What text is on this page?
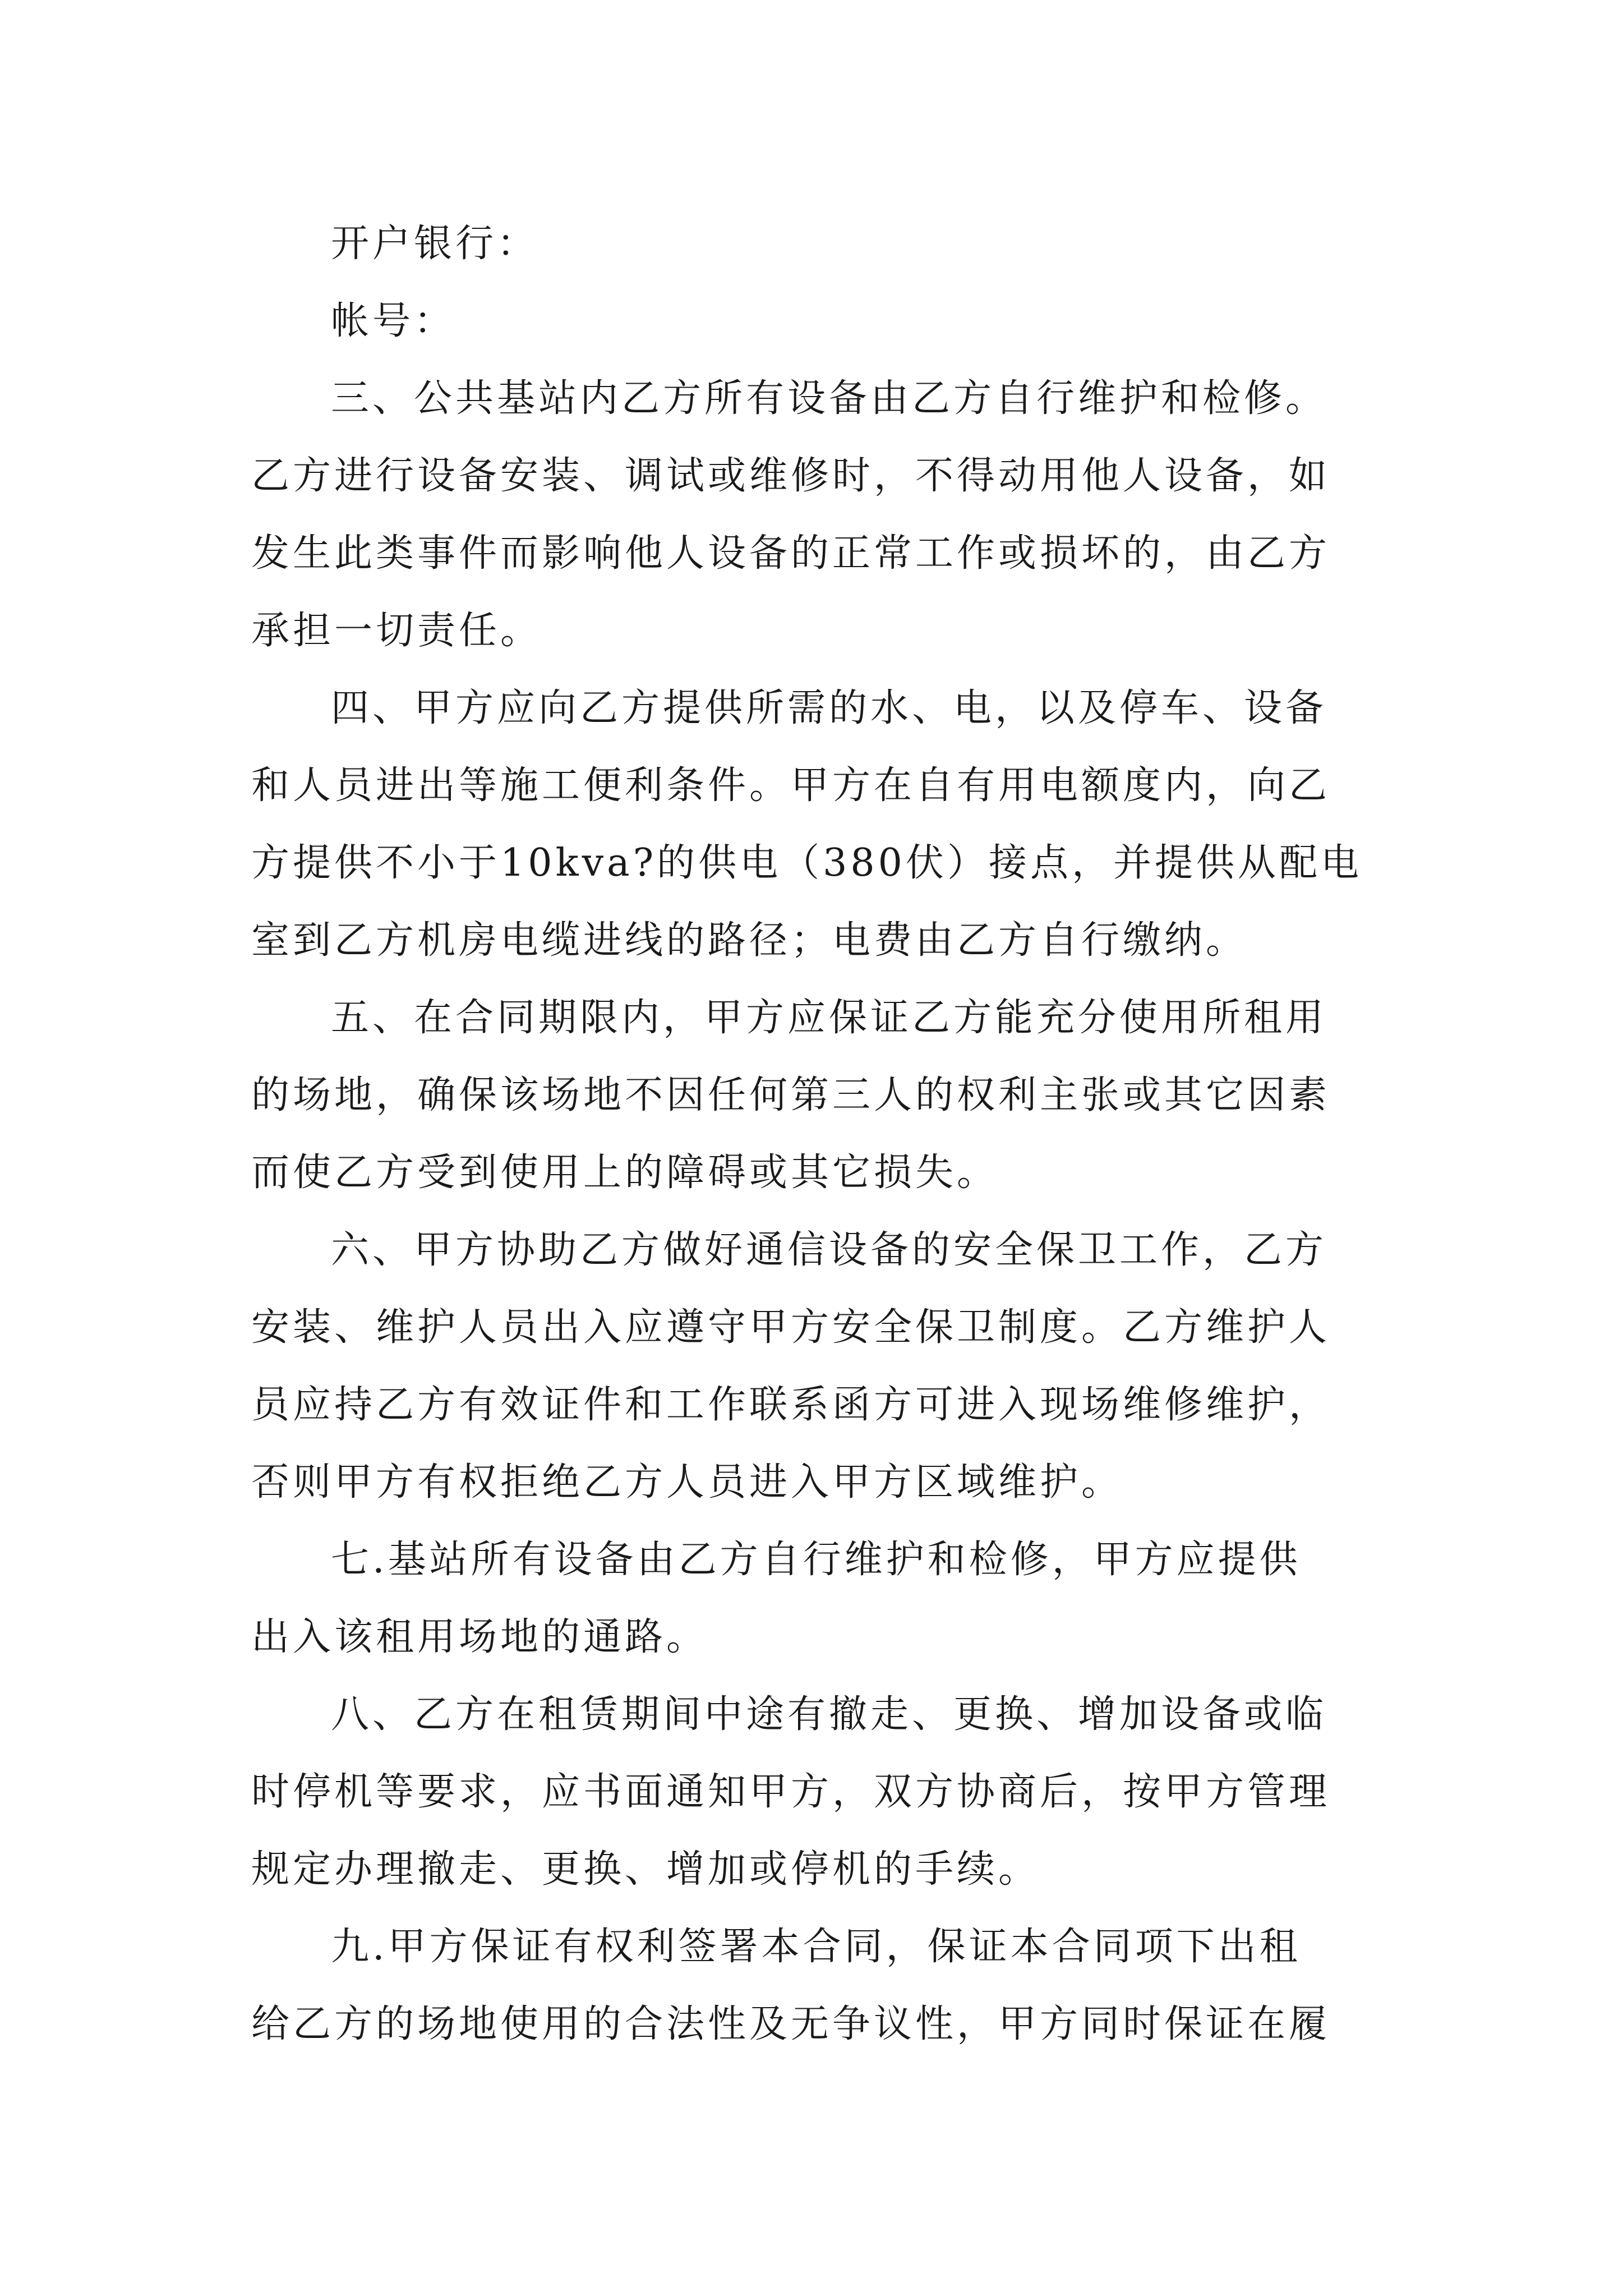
开户银行：
帐号：
三、公共基站内乙方所有设备由乙方自行维护和检修。
乙方进行设备安装、调试或维修时，不得动用他人设备，如
发生此类事件而影响他人设备的正常工作或损坏的，由乙方
承担一切责任。
四、甲方应向乙方提供所需的水、电，以及停车、设备
和人员进出等施工便利条件。甲方在自有用电额度内，向乙
方提供不小于10kva?的供电（380伏）接点，并提供从配电
室到乙方机房电缆进线的路径；电费由乙方自行缴纳。
五、在合同期限内，甲方应保证乙方能充分使用所租用
的场地，确保该场地不因任何第三人的权利主张或其它因素
而使乙方受到使用上的障碍或其它损失。
六、甲方协助乙方做好通信设备的安全保卫工作，乙方
安装、维护人员出入应遵守甲方安全保卫制度。乙方维护人
员应持乙方有效证件和工作联系函方可进入现场维修维护，
否则甲方有权拒绝乙方人员进入甲方区域维护。
七.基站所有设备由乙方自行维护和检修，甲方应提供
出入该租用场地的通路。
八、乙方在租赁期间中途有撤走、更换、增加设备或临
时停机等要求，应书面通知甲方，双方协商后，按甲方管理
规定办理撤走、更换、增加或停机的手续。
九.甲方保证有权利签署本合同，保证本合同项下出租
给乙方的场地使用的合法性及无争议性，甲方同时保证在履
